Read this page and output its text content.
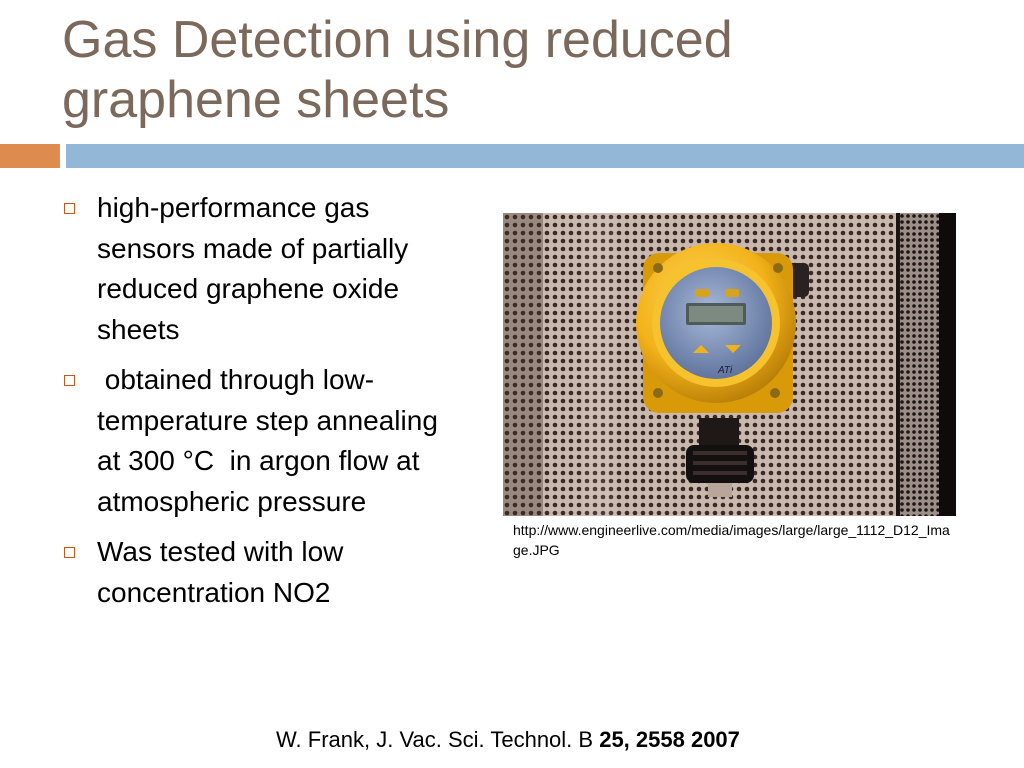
Gas Detection using reduced
graphene sheets
high-performance gas sensors made of partially reduced graphene oxide sheets
obtained through low-temperature step annealing at 300 °C  in argon flow at atmospheric pressure
Was tested with low concentration NO2
ATi
http://www.engineerlive.com/media/images/large/large_1112_D12_Image.JPG
W. Frank, J. Vac. Sci. Technol. B 25, 2558 2007
